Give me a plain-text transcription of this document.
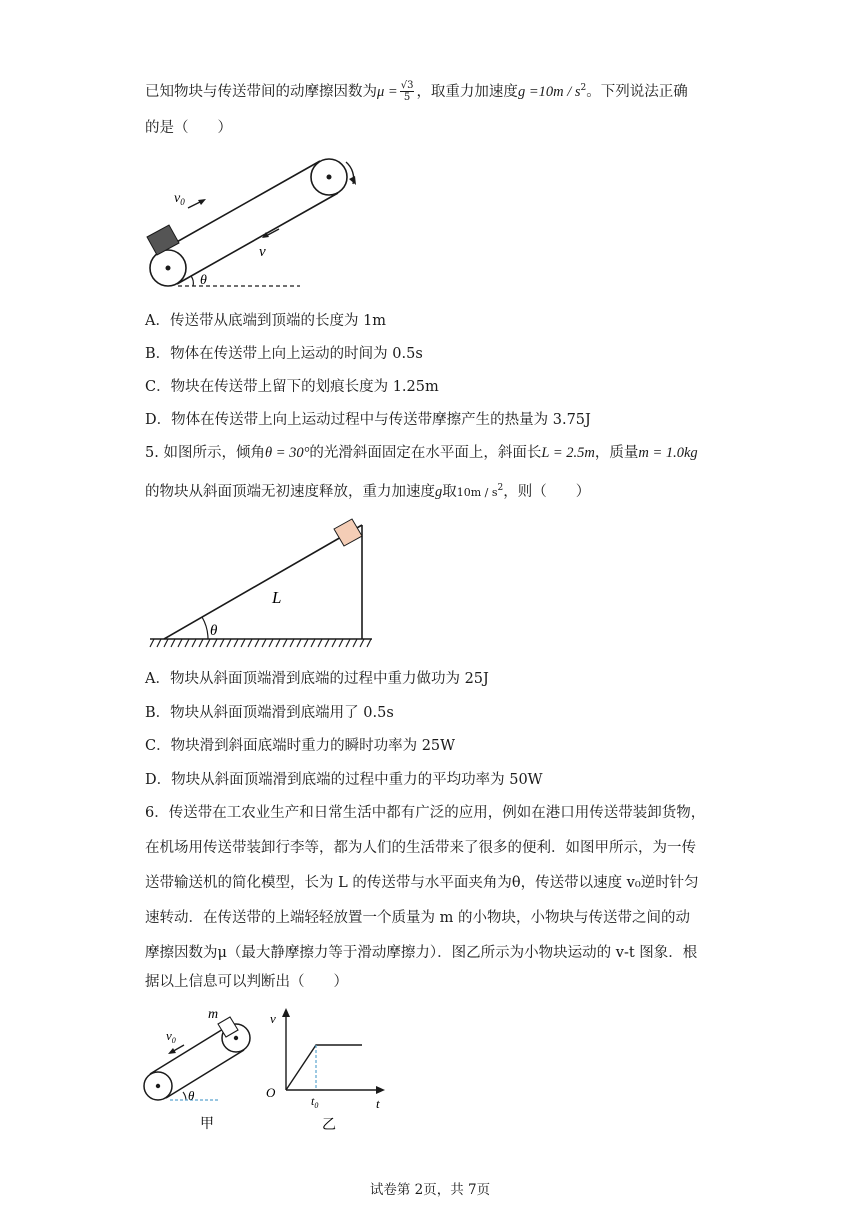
已知物块与传送带间的动摩擦因数为$\mu = \frac{√3}{5}$ ，取重力加速度$g =10m / s^2$。下列说法正确
的是（　　）
$v_0$
v
θ
A．传送带从底端到顶端的长度为 1m
B．物体在传送带上向上运动的时间为 0.5s
C．物块在传送带上留下的划痕长度为 1.25m
D．物体在传送带上向上运动过程中与传送带摩擦产生的热量为 3.75J
5. 如图所示，倾角θ = 30°的光滑斜面固定在水平面上，斜面长L = 2.5m，质量m = 1.0kg
的物块从斜面顶端无初速度释放，重力加速度g取$10m / s^2$，则（　　）
L
θ
A．物块从斜面顶端滑到底端的过程中重力做功为 25J
B．物块从斜面顶端滑到底端用了 0.5s
C．物块滑到斜面底端时重力的瞬时功率为 25W
D．物块从斜面顶端滑到底端的过程中重力的平均功率为 50W
6．传送带在工农业生产和日常生活中都有广泛的应用，例如在港口用传送带装卸货物，
在机场用传送带装卸行李等，都为人们的生活带来了很多的便利．如图甲所示，为一传
送带输送机的简化模型，长为 L 的传送带与水平面夹角为θ，传送带以速度 v₀逆时针匀
速转动．在传送带的上端轻轻放置一个质量为 m 的小物块，小物块与传送带之间的动
摩擦因数为μ（最大静摩擦力等于滑动摩擦力）．图乙所示为小物块运动的 v-t 图象．根
据以上信息可以判断出（　　）
m
$v_0$
θ
甲
v
t
O
$t_0$
乙
试卷第 2页，共 7页
